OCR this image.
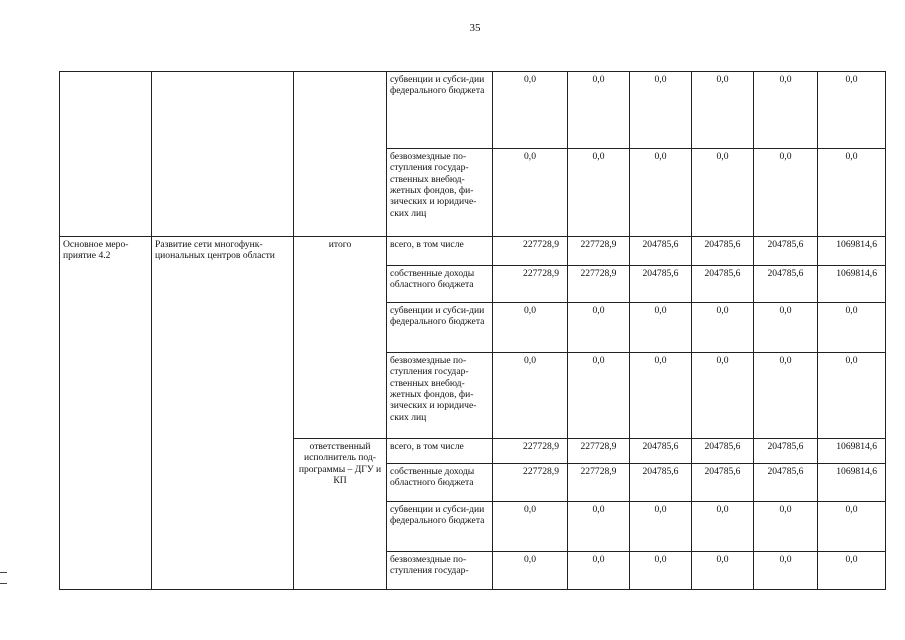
35
			субвенции и субси-дии федерального бюджета	0,0	0,0	0,0	0,0	0,0	0,0
			безвозмездные по-ступления государ-ственных внебюд-жетных фондов, фи-зических и юридиче-ских лиц	0,0	0,0	0,0	0,0	0,0	0,0
Основное меро-приятие 4.2	Развитие сети многофунк-циональных центров области	итого	всего, в том числе	227728,9	227728,9	204785,6	204785,6	204785,6	1069814,6
			собственные доходы областного бюджета	227728,9	227728,9	204785,6	204785,6	204785,6	1069814,6
			субвенции и субси-дии федерального бюджета	0,0	0,0	0,0	0,0	0,0	0,0
			безвозмездные по-ступления государ-ственных внебюд-жетных фондов, фи-зических и юридиче-ских лиц	0,0	0,0	0,0	0,0	0,0	0,0
		ответственный исполнитель под-программы – ДГУ и КП	всего, в том числе	227728,9	227728,9	204785,6	204785,6	204785,6	1069814,6
			собственные доходы областного бюджета	227728,9	227728,9	204785,6	204785,6	204785,6	1069814,6
			субвенции и субси-дии федерального бюджета	0,0	0,0	0,0	0,0	0,0	0,0
			безвозмездные по-ступления государ-	0,0	0,0	0,0	0,0	0,0	0,0
